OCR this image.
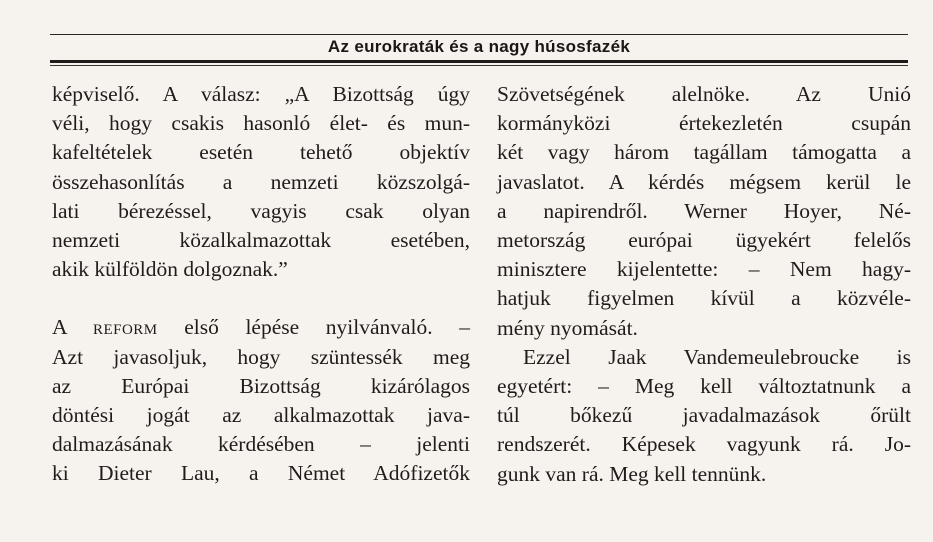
Az eurokraták és a nagy húsosfazék
képviselő. A válasz: „A Bizottság úgy
véli, hogy csakis hasonló élet- és mun-
kafeltételek esetén tehető objektív
összehasonlítás a nemzeti közszolgá-
lati bérezéssel, vagyis csak olyan
nemzeti közalkalmazottak esetében,
akik külföldön dolgoznak.”
A reform első lépése nyilvánvaló. –
Azt javasoljuk, hogy szüntessék meg
az Európai Bizottság kizárólagos
döntési jogát az alkalmazottak java-
dalmazásának kérdésében – jelenti
ki Dieter Lau, a Német Adófizetők
Szövetségének alelnöke. Az Unió
kormányközi értekezletén csupán
két vagy három tagállam támogatta a
javaslatot. A kérdés mégsem kerül le
a napirendről. Werner Hoyer, Né-
metország európai ügyekért felelős
minisztere kijelentette: – Nem hagy-
hatjuk figyelmen kívül a közvéle-
mény nyomását.
Ezzel Jaak Vandemeulebroucke is
egyetért: – Meg kell változtatnunk a
túl bőkezű javadalmazások őrült
rendszerét. Képesek vagyunk rá. Jo-
gunk van rá. Meg kell tennünk.
